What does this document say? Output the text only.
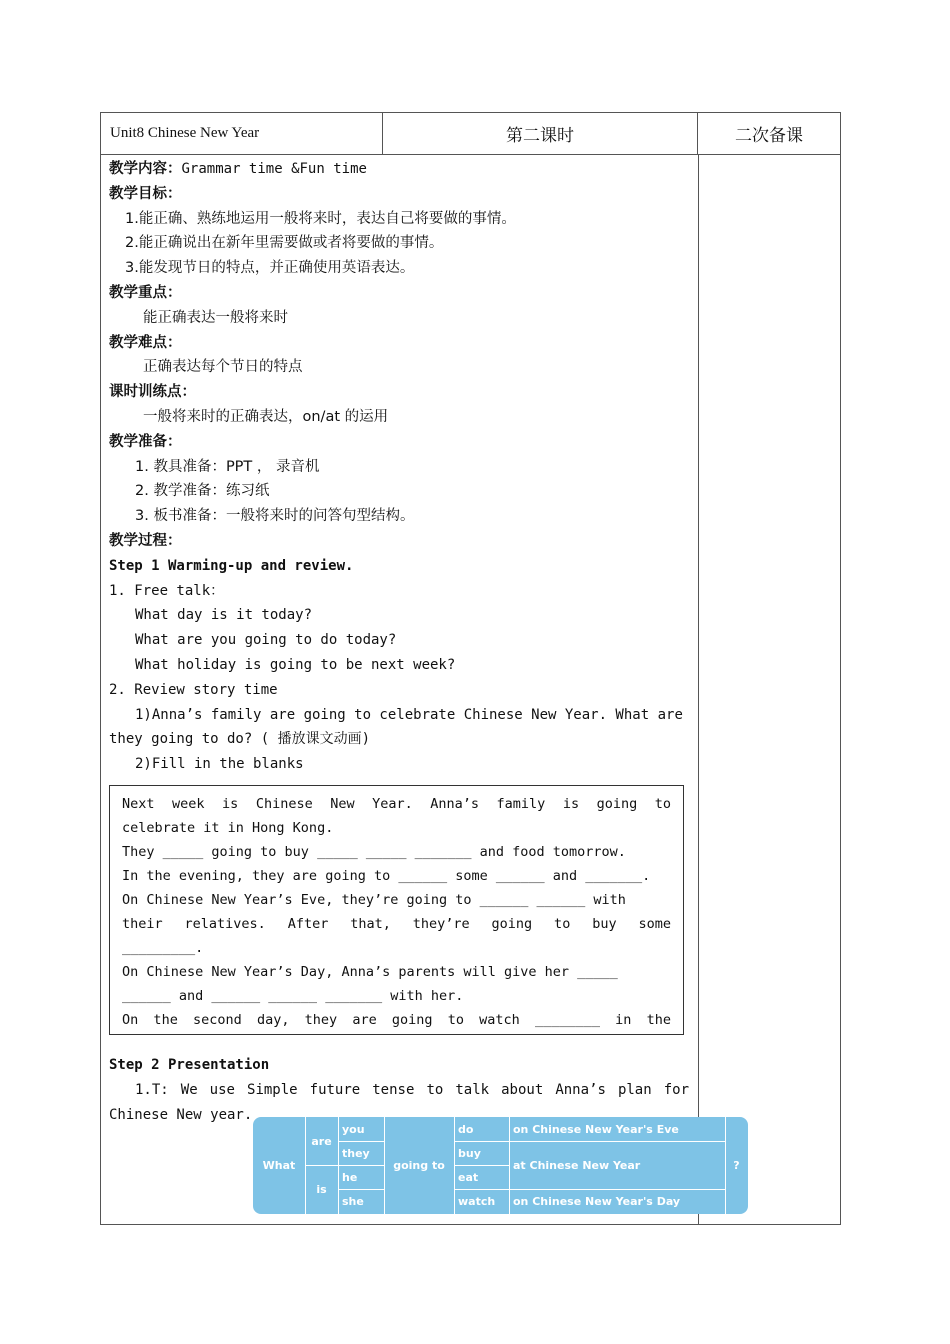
Unit8 Chinese New Year	第二课时	二次备课
教学内容：Grammar time &Fun time
教学目标：
1.能正确、熟练地运用一般将来时，表达自己将要做的事情。
2.能正确说出在新年里需要做或者将要做的事情。
3.能发现节日的特点，并正确使用英语表达。
教学重点：
能正确表达一般将来时
教学难点：
正确表达每个节日的特点
课时训练点：
一般将来时的正确表达，on/at 的运用
教学准备：
1. 教具准备：PPT ， 录音机
2. 教学准备：练习纸
3. 板书准备：一般将来时的问答句型结构。
教学过程：
Step 1 Warming-up and review.
1. Free talk：
What day is it today?
What are you going to do today?
What holiday is going to be next week?
2. Review story time
1)Anna’s family are going to celebrate Chinese New Year. What are
they going to do? ( 播放课文动画)
2)Fill in the blanks
Next week is Chinese New Year. Anna’s family is going to
celebrate it in Hong Kong.
They _____ going to buy _____ _____ _______ and food tomorrow.
In the evening, they are going to ______ some ______ and _______.
On Chinese New Year’s Eve, they’re going to ______ ______ with
their relatives. After that, they’re going to buy some
_________.
On Chinese New Year’s Day, Anna’s parents will give her _____
______ and ______ ______ _______ with her.
On the second day, they are going to watch ________ in the
Step 2 Presentation
1.T: We use Simple future tense to talk about Anna’s plan for
Chinese New year.
What
are
is
you
they
he
she
going to
do
buy
eat
watch
on Chinese New Year's Eve
at Chinese New Year
on Chinese New Year's Day
?
